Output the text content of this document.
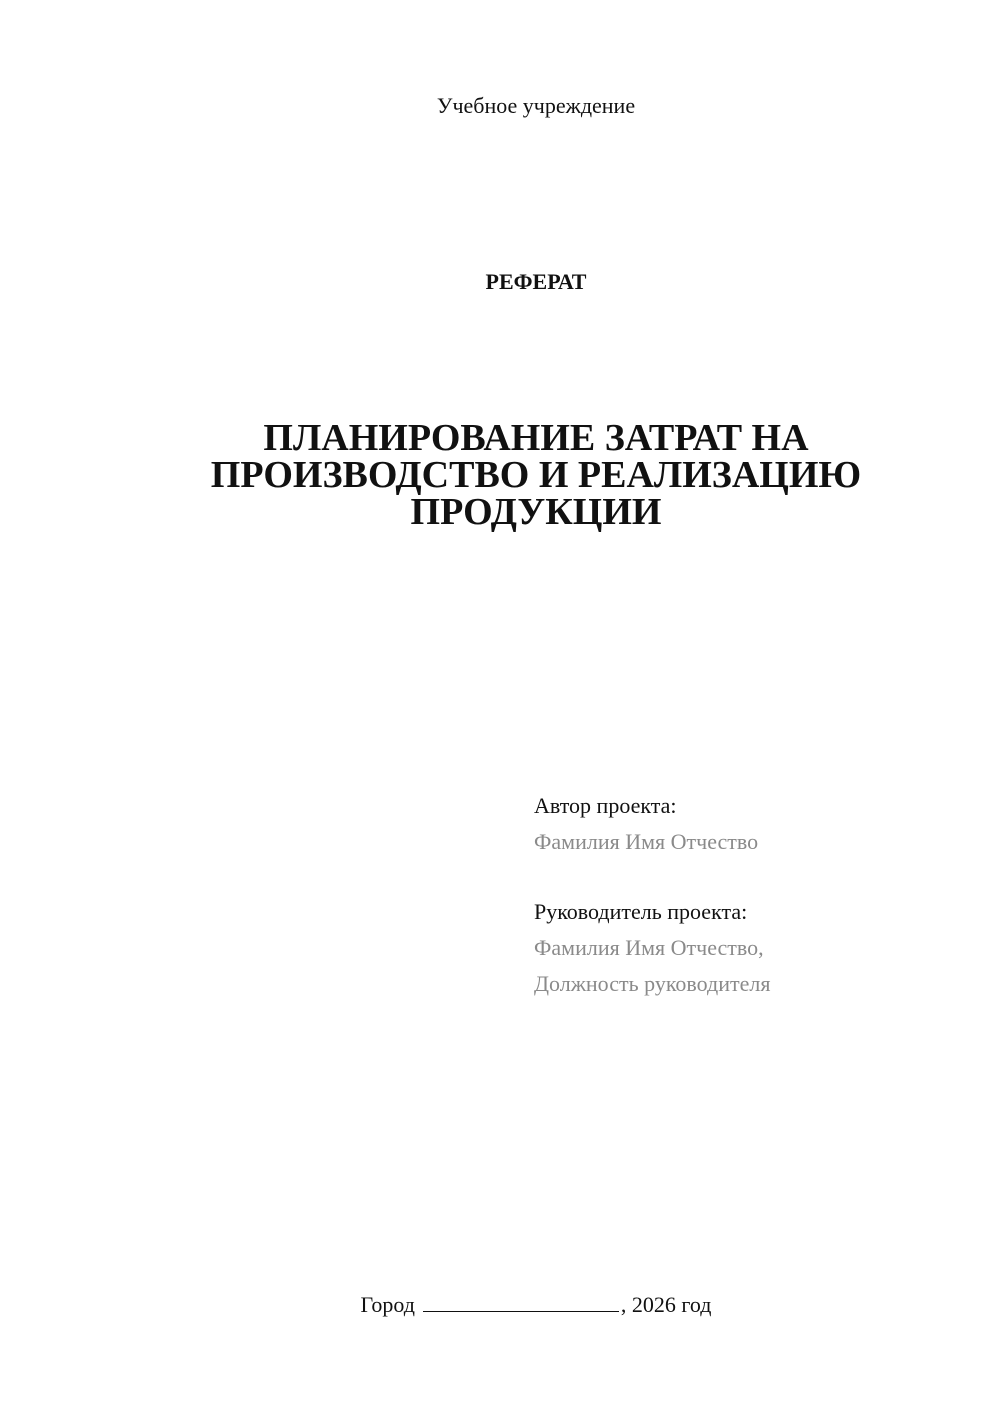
Учебное учреждение
РЕФЕРАТ
ПЛАНИРОВАНИЕ ЗАТРАТ НА
ПРОИЗВОДСТВО И РЕАЛИЗАЦИЮ
ПРОДУКЦИИ
Автор проекта:
Фамилия Имя Отчество
Руководитель проекта:
Фамилия Имя Отчество,
Должность руководителя
Город	, 2026 год
